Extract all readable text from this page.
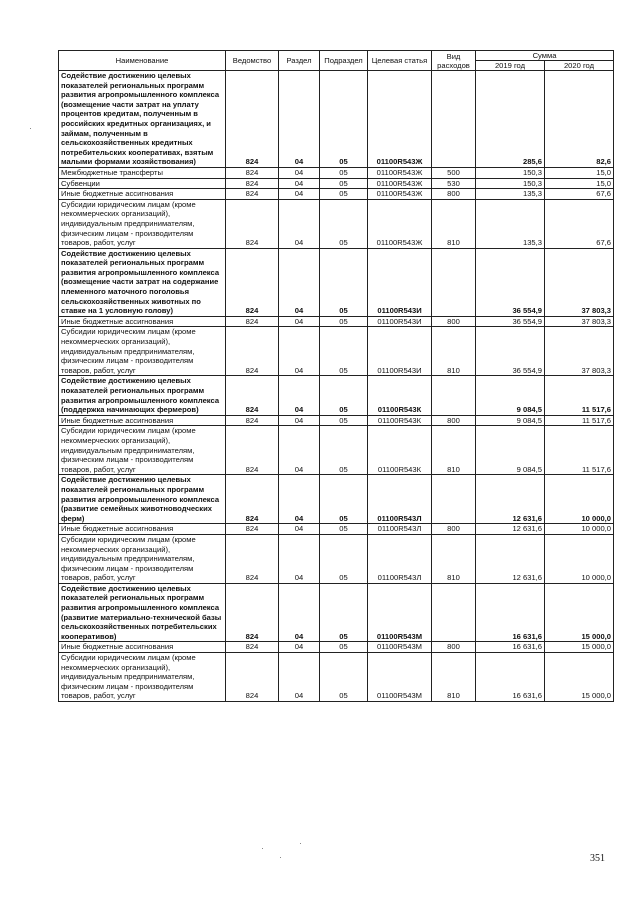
Наименование	Ведомство	Раздел	Подраздел	Целевая статья	Вид расходов	Сумма	
						2019 год	2020 год
Содействие достижению целевых показателей региональных программ развития агропромышленного комплекса (возмещение части затрат на уплату процентов кредитам, полученным в российских кредитных организациях, и займам, полученным в сельскохозяйственных кредитных потребительских кооперативах, взятым малыми формами хозяйствования)	824	04	05	01100R543Ж		285,6	82,6
Межбюджетные трансферты	824	04	05	01100R543Ж	500	150,3	15,0
Субвенции	824	04	05	01100R543Ж	530	150,3	15,0
Иные бюджетные ассигнования	824	04	05	01100R543Ж	800	135,3	67,6
Субсидии юридическим лицам (кроме некоммерческих организаций), индивидуальным предпринимателям, физическим лицам - производителям товаров, работ, услуг	824	04	05	01100R543Ж	810	135,3	67,6
Содействие достижению целевых показателей региональных программ развития агропромышленного комплекса (возмещение части затрат на содержание племенного маточного поголовья сельскохозяйственных животных по ставке на 1 условную голову)	824	04	05	01100R543И		36 554,9	37 803,3
Иные бюджетные ассигнования	824	04	05	01100R543И	800	36 554,9	37 803,3
Субсидии юридическим лицам (кроме некоммерческих организаций), индивидуальным предпринимателям, физическим лицам - производителям товаров, работ, услуг	824	04	05	01100R543И	810	36 554,9	37 803,3
Содействие достижению целевых показателей региональных программ развития агропромышленного комплекса (поддержка начинающих фермеров)	824	04	05	01100R543К		9 084,5	11 517,6
Иные бюджетные ассигнования	824	04	05	01100R543К	800	9 084,5	11 517,6
Субсидии юридическим лицам (кроме некоммерческих организаций), индивидуальным предпринимателям, физическим лицам - производителям товаров, работ, услуг	824	04	05	01100R543К	810	9 084,5	11 517,6
Содействие достижению целевых показателей региональных программ развития агропромышленного комплекса (развитие семейных животноводческих ферм)	824	04	05	01100R543Л		12 631,6	10 000,0
Иные бюджетные ассигнования	824	04	05	01100R543Л	800	12 631,6	10 000,0
Субсидии юридическим лицам (кроме некоммерческих организаций), индивидуальным предпринимателям, физическим лицам - производителям товаров, работ, услуг	824	04	05	01100R543Л	810	12 631,6	10 000,0
Содействие достижению целевых показателей региональных программ развития агропромышленного комплекса (развитие материально-технической базы сельскохозяйственных потребительских кооперативов)	824	04	05	01100R543М		16 631,6	15 000,0
Иные бюджетные ассигнования	824	04	05	01100R543М	800	16 631,6	15 000,0
Субсидии юридическим лицам (кроме некоммерческих организаций), индивидуальным предпринимателям, физическим лицам - производителям товаров, работ, услуг	824	04	05	01100R543М	810	16 631,6	15 000,0
351
